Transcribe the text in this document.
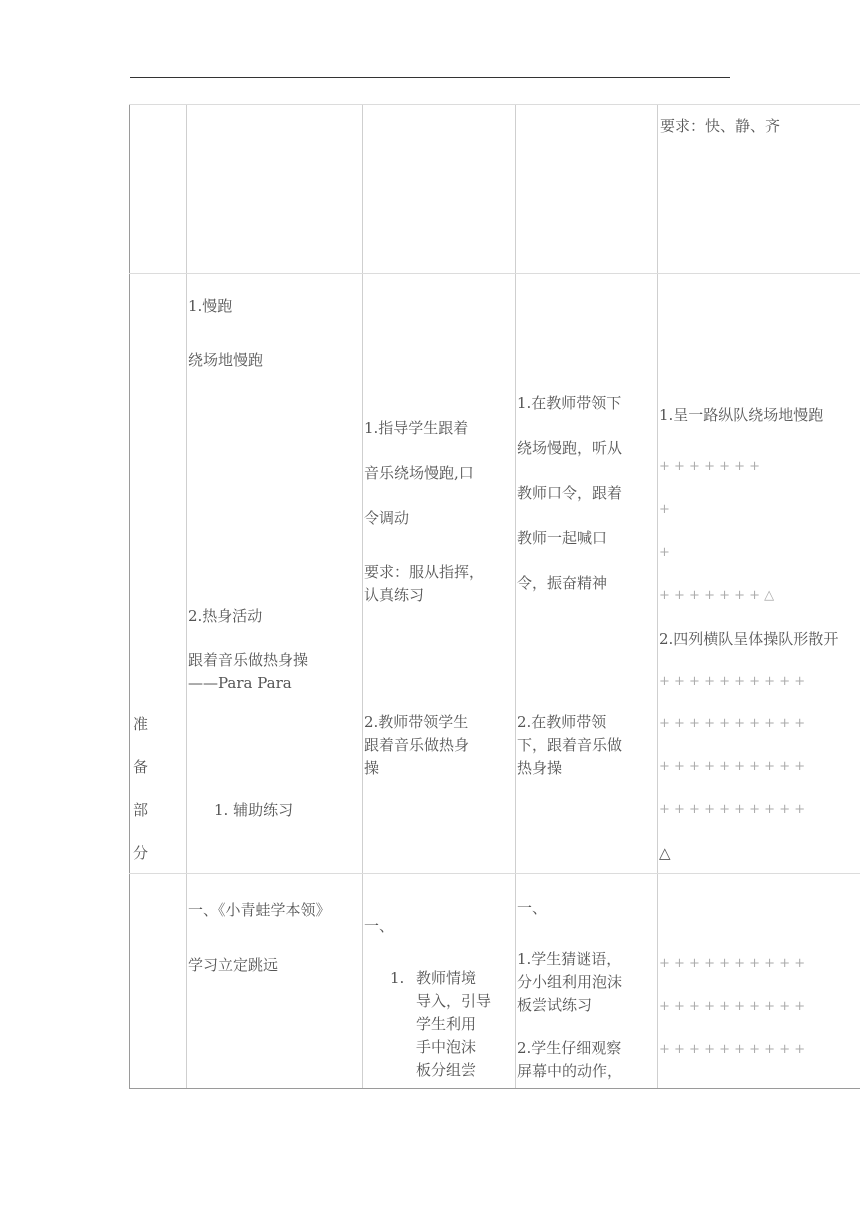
要求：快、静、齐
准
备
部
分
1.慢跑
绕场地慢跑
2.热身活动
跟着音乐做热身操
——Para Para
1. 辅助练习
1.指导学生跟着
音乐绕场慢跑,口
令调动
要求：服从指挥，
认真练习
2.教师带领学生
跟着音乐做热身
操
1.在教师带领下
绕场慢跑，听从
教师口令，跟着
教师一起喊口
令，振奋精神
2.在教师带领
下，跟着音乐做
热身操
1.呈一路纵队绕场地慢跑
+ + + + + + +
+
+
+ + + + + + + △
2.四列横队呈体操队形散开
+ + + + + + + + + +
+ + + + + + + + + +
+ + + + + + + + + +
+ + + + + + + + + +
△
一、《小青蛙学本领》
学习立定跳远
一、
1. 教师情境
导入，引导
学生利用
手中泡沫
板分组尝
一、
1.学生猜谜语，
分小组利用泡沫
板尝试练习
2.学生仔细观察
屏幕中的动作，
+ + + + + + + + + +
+ + + + + + + + + +
+ + + + + + + + + +
